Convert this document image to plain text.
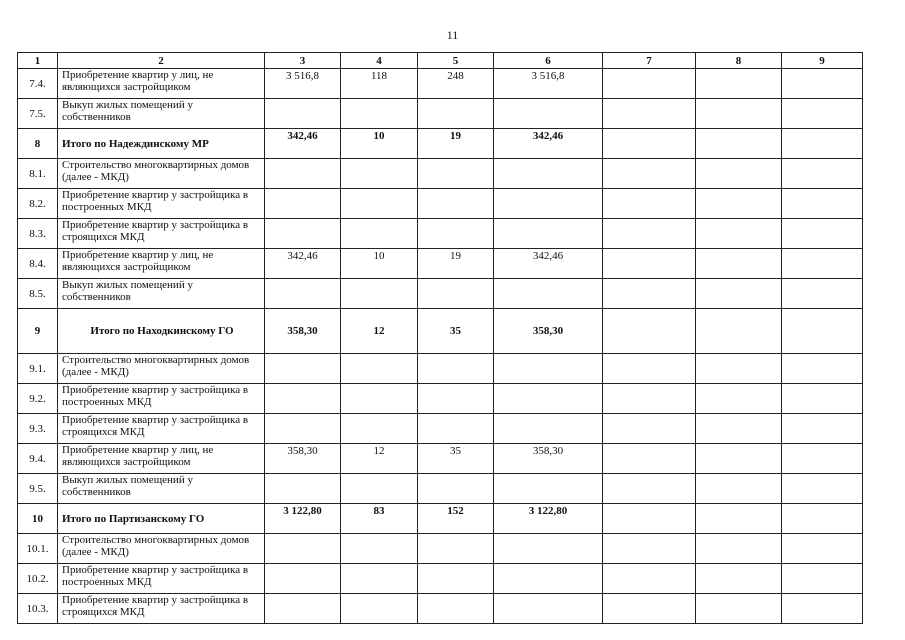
11
1	2	3	4	5	6	7	8	9
7.4.	Приобретение квартир у лиц, не являющихся застройщиком	3 516,8	118	248	3 516,8			
7.5.	Выкуп жилых помещений у собственников							
8	Итого по Надеждинскому МР	342,46	10	19	342,46			
8.1.	Строительство многоквартирных домов (далее - МКД)							
8.2.	Приобретение квартир у застройщика в построенных МКД							
8.3.	Приобретение квартир у застройщика в строящихся МКД							
8.4.	Приобретение квартир у лиц, не являющихся застройщиком	342,46	10	19	342,46			
8.5.	Выкуп жилых помещений у собственников							
9	Итого по Находкинскому ГО	358,30	12	35	358,30			
9.1.	Строительство многоквартирных домов (далее - МКД)							
9.2.	Приобретение квартир у застройщика в построенных МКД							
9.3.	Приобретение квартир у застройщика в строящихся МКД							
9.4.	Приобретение квартир у лиц, не являющихся застройщиком	358,30	12	35	358,30			
9.5.	Выкуп жилых помещений у собственников							
10	Итого по Партизанскому ГО	3 122,80	83	152	3 122,80			
10.1.	Строительство многоквартирных домов (далее - МКД)							
10.2.	Приобретение квартир у застройщика в построенных МКД							
10.3.	Приобретение квартир у застройщика в строящихся МКД							
